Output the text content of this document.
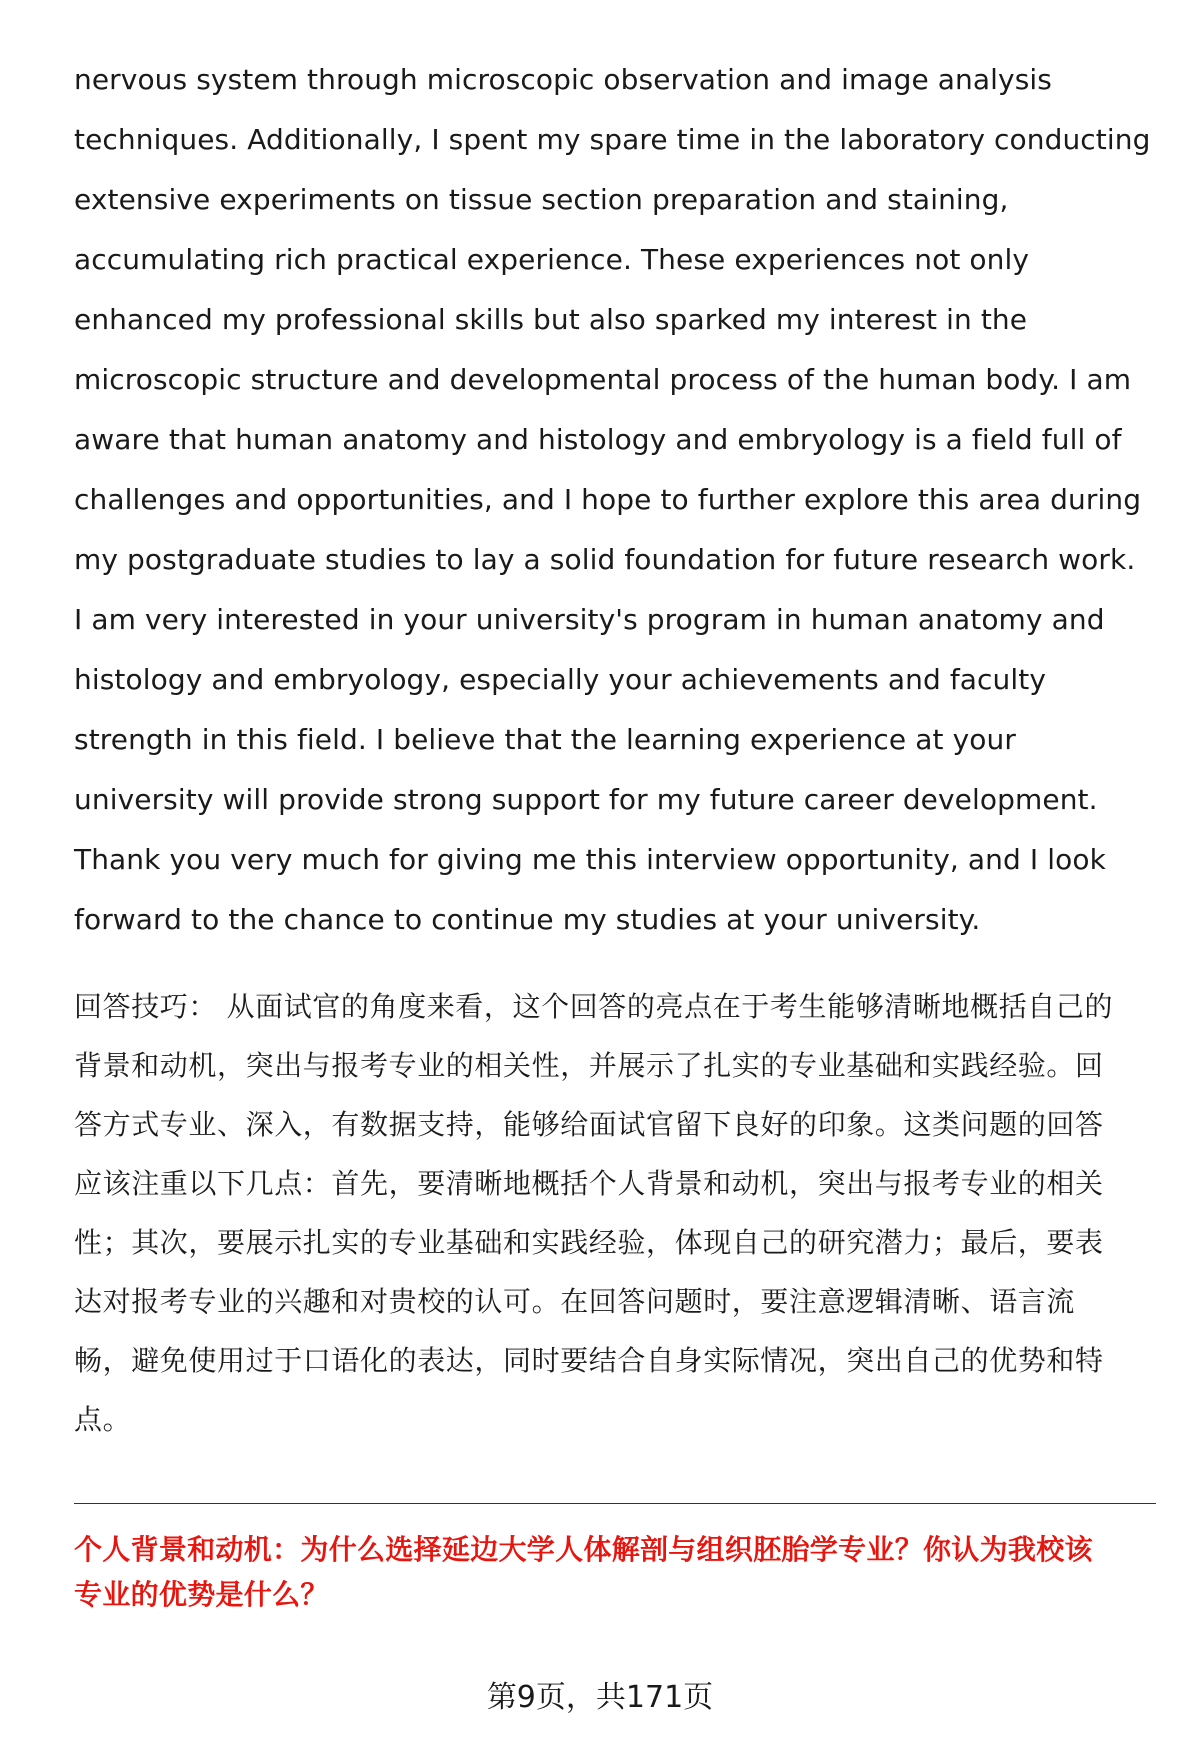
nervous system through microscopic observation and image analysis
techniques. Additionally, I spent my spare time in the laboratory conducting
extensive experiments on tissue section preparation and staining,
accumulating rich practical experience. These experiences not only
enhanced my professional skills but also sparked my interest in the
microscopic structure and developmental process of the human body. I am
aware that human anatomy and histology and embryology is a field full of
challenges and opportunities, and I hope to further explore this area during
my postgraduate studies to lay a solid foundation for future research work.
I am very interested in your university's program in human anatomy and
histology and embryology, especially your achievements and faculty
strength in this field. I believe that the learning experience at your
university will provide strong support for my future career development.
Thank you very much for giving me this interview opportunity, and I look
forward to the chance to continue my studies at your university.
回答技巧： 从面试官的角度来看，这个回答的亮点在于考生能够清晰地概括自己的
背景和动机，突出与报考专业的相关性，并展示了扎实的专业基础和实践经验。回
答方式专业、深入，有数据支持，能够给面试官留下良好的印象。这类问题的回答
应该注重以下几点：首先，要清晰地概括个人背景和动机，突出与报考专业的相关
性；其次，要展示扎实的专业基础和实践经验，体现自己的研究潜力；最后，要表
达对报考专业的兴趣和对贵校的认可。在回答问题时，要注意逻辑清晰、语言流
畅，避免使用过于口语化的表达，同时要结合自身实际情况，突出自己的优势和特
点。
个人背景和动机：为什么选择延边大学人体解剖与组织胚胎学专业？你认为我校该
专业的优势是什么？
第9页，共171页
